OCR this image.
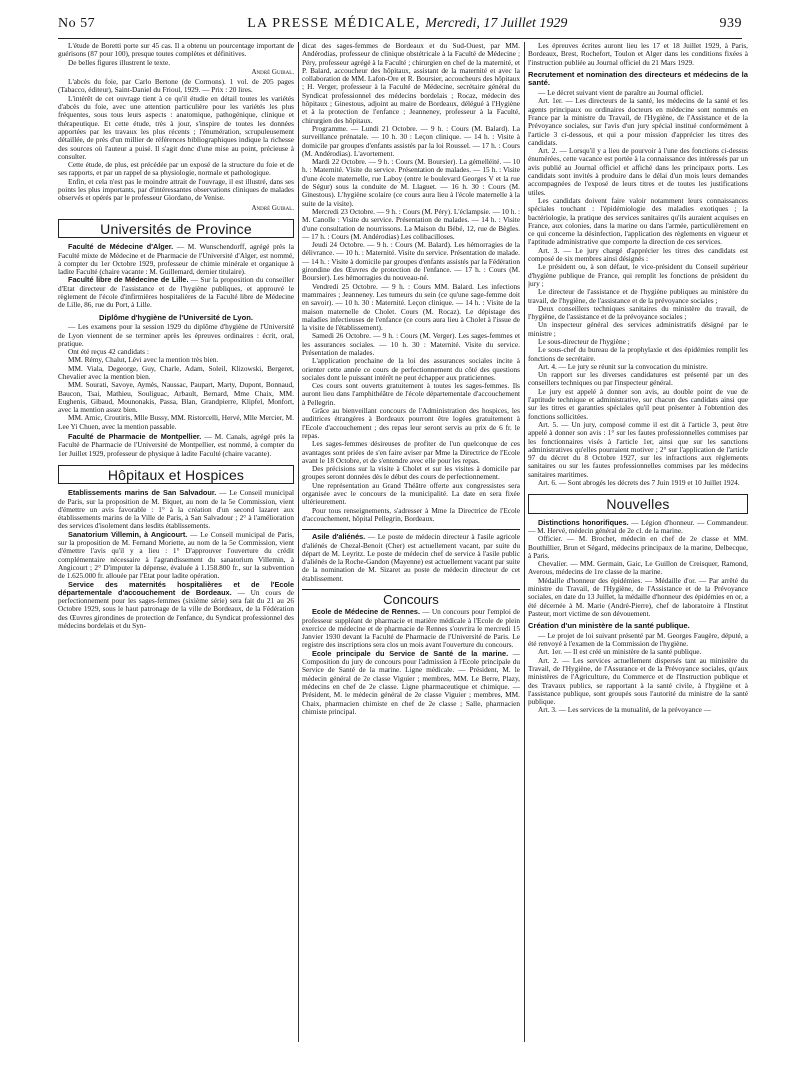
No 57	LA PRESSE MÉDICALE, Mercredi, 17 Juillet 1929	939

L'étude de Boretti porte sur 45 cas. Il a obtenu un pourcentage important de guérisons (87 pour 100), presque toutes complètes et définitives.

De belles figures illustrent le texte.

André Guibal.

L'abcès du foie, par Carlo Bertone (de Cormons). 1 vol. de 205 pages (Tabacco, éditeur), Saint-Daniel du Frioul, 1929. — Prix : 20 lires.

L'intérêt de cet ouvrage tient à ce qu'il étudie en détail toutes les variétés d'abcès du foie, avec une attention particulière pour les variétés les plus fréquentes, sous tous leurs aspects : anatomique, pathogénique, clinique et thérapeutique. Et cette étude, très à jour, s'inspire de toutes les données apportées par les travaux les plus récents ; l'énumération, scrupuleusement détaillée, de près d'un millier de références bibliographiques indique la richesse des sources où l'auteur a puisé. Il s'agit donc d'une mise au point, précieuse à consulter.

Cette étude, de plus, est précédée par un exposé de la structure du foie et de ses rapports, et par un rappel de sa physiologie, normale et pathologique.

Enfin, et cela n'est pas le moindre attrait de l'ouvrage, il est illustré, dans ses points les plus importants, par d'intéressantes observations cliniques de malades observés et opérés par le professeur Giordano, de Venise.

André Guibal.
Universités de Province

Faculté de Médecine d'Alger. — M. Wunschendorff, agrégé près la Faculté mixte de Médecine et de Pharmacie de l'Université d'Alger, est nommé, à compter du 1er Octobre 1929, professeur de chimie minérale et organique à ladite Faculté (chaire vacante : M. Guillemard, dernier titulaire).

Faculté libre de Médecine de Lille. — Sur la proposition du conseiller d'Etat directeur de l'assistance et de l'hygiène publiques, et approuvé le règlement de l'école d'infirmières hospitalières de la Faculté libre de Médecine de Lille, 86, rue du Port, à Lille.

Diplôme d'hygiène de l'Université de Lyon.

— Les examens pour la session 1929 du diplôme d'hygiène de l'Université de Lyon viennent de se terminer après les épreuves ordinaires : écrit, oral, pratique.

Ont été reçus 42 candidats :

MM. Rémy, Chalut, Lévi avec la mention très bien.

MM. Viala, Degeorge, Guy, Charle, Adam, Soleil, Klizowski, Bergeret, Chevalier avec la mention bien.

MM. Sourati, Savoye, Aymès, Naussac, Paupart, Marty, Dupont, Bonnaud, Baucon, Tsai, Mathieu, Souliguac, Arbault, Bernard, Mme Chaix, MM. Eughenis, Gibaud, Mounonakis, Passa, Blan, Grandpierre, Klipfel, Monfort, avec la mention assez bien.

MM. Amic, Croutiris, Mlle Bussy, MM. Ristorcelli, Hervé, Mlle Mercier, M. Lee Yi Chuen, avec la mention passable.

Faculté de Pharmacie de Montpellier. — M. Canals, agrégé près la Faculté de Pharmacie de l'Université de Montpellier, est nommé, à compter du 1er Juillet 1929, professeur de physique à ladite Faculté (chaire vacante).

Hôpitaux et Hospices

Etablissements marins de San Salvadour. — Le Conseil municipal de Paris, sur la proposition de M. Biquet, au nom de la 5e Commission, vient d'émettre un avis favorable : 1° à la création d'un second lazaret aux établissements marins de la Ville de Paris, à San Salvadour ; 2° à l'amélioration des services d'isolement dans lesdits établissements.

Sanatorium Villemin, à Angicourt. — Le Conseil municipal de Paris, sur la proposition de M. Fernand Moriette, au nom de la 5e Commission, vient d'émettre l'avis qu'il y a lieu : 1° D'approuver l'ouverture du crédit complémentaire nécessaire à l'agrandissement du sanatorium Villemin, à Angicourt ; 2° D'imputer la dépense, évaluée à 1.158.800 fr., sur la subvention de 1.625.000 fr. allouée par l'Etat pour ladite opération.

Service des maternités hospitalières et de l'Ecole départementale d'accouchement de Bordeaux. — Un cours de perfectionnement pour les sages-femmes (sixième série) sera fait du 21 au 26 Octobre 1929, sous le haut patronage de la ville de Bordeaux, de la Fédération des Œuvres girondines de protection de l'enfance, du Syndicat professionnel des médecins bordelais et du Syn-

dicat des sages-femmes de Bordeaux et du Sud-Ouest, par MM. Andérodias, professeur de clinique obstétricale à la Faculté de Médecine ; Péry, professeur agrégé à la Faculté ; chirurgien en chef de la maternité, et P. Balard, accoucheur des hôpitaux, assistant de la maternité et avec la collaboration de MM. Lafon-Ore et R. Boursier, accoucheurs des hôpitaux ; H. Verger, professeur à la Faculté de Médecine, secrétaire général du Syndicat professionnel des médecins bordelais ; Rocaz, médecin des hôpitaux ; Ginestous, adjoint au maire de Bordeaux, délégué à l'Hygiène et à la protection de l'enfance ; Jeanneney, professeur à la Faculté, chirurgien des hôpitaux.

Programme. — Lundi 21 Octobre. — 9 h. : Cours (M. Balard). La surveillance prénatale. — 10 h. 30 : Leçon clinique. — 14 h. : Visite à domicile par groupes d'enfants assistés par la loi Roussel. — 17 h. : Cours (M. Andérodias). L'avortement.

Mardi 22 Octobre. — 9 h. : Cours (M. Boursier). La gémelléité. — 10 h. : Maternité. Visite du service. Présentation de malades. — 15 h. : Visite d'une école maternelle, rue Laboy (entre le boulevard Georges V et la rue de Ségur) sous la conduite de M. Llaguet. — 16 h. 30 : Cours (M. Ginestous). L'hygiène scolaire (ce cours aura lieu à l'école maternelle à la suite de la visite).

Mercredi 23 Octobre. — 9 h. : Cours (M. Péry). L'éclampsie. — 10 h. : M. Canolle : Visite du service. Présentation de malades. — 14 h. : Visite d'une consultation de nourrissons. La Maison du Bébé, 12, rue de Bègles. — 17 h. : Cours (M. Andérodias) Les colibacilloses.

Jeudi 24 Octobre. — 9 h. : Cours (M. Balard). Les hémorragies de la délivrance. — 10 h. : Maternité. Visite du service. Présentation de malade. — 14 h. : Visite à domicile par groupes d'enfants assistés par la Fédération girondine des Œuvres de protection de l'enfance. — 17 h. : Cours (M. Boursier). Les hémorragies du nouveau-né.

Vendredi 25 Octobre. — 9 h. : Cours MM. Balard. Les infections mammaires ; Jeanneney. Les tumeurs du sein (ce qu'une sage-femme doit en savoir). — 10 h. 30 : Maternité. Leçon clinique. — 14 h. : Visite de la maison maternelle de Cholet. Cours (M. Rocaz). Le dépistage des maladies infectieuses de l'enfance (ce cours aura lieu à Cholet à l'issue de la visite de l'établissement).

Samedi 26 Octobre. — 9 h. : Cours (M. Verger). Les sages-femmes et les assurances sociales. — 10 h. 30 : Maternité. Visite du service. Présentation de malades.

L'application prochaine de la loi des assurances sociales incite à orienter cette année ce cours de perfectionnement du côté des questions sociales dont le puissant intérêt ne peut échapper aux praticiennes.

Ces cours sont ouverts gratuitement à toutes les sages-femmes. Ils auront lieu dans l'amphithéâtre de l'école départementale d'accouchement à Pellegrin.

Grâce au bienveillant concours de l'Administration des hospices, les auditrices étrangères à Bordeaux pourront être logées gratuitement à l'Ecole d'accouchement ; des repas leur seront servis au prix de 6 fr. le repas.

Les sages-femmes désireuses de profiter de l'un quelconque de ces avantages sont priées de s'en faire aviser par Mme la Directrice de l'Ecole avant le 18 Octobre, et de s'entendre avec elle pour les repas.

Des précisions sur la visite à Cholet et sur les visites à domicile par groupes seront données dès le début des cours de perfectionnement.

Une représentation au Grand Théâtre offerte aux congressistes sera organisée avec le concours de la municipalité. La date en sera fixée ultérieurement.

Pour tous renseignements, s'adresser à Mme la Directrice de l'Ecole d'accouchement, hôpital Pellegrin, Bordeaux.

Asile d'aliénés. — Le poste de médecin directeur à l'asile agricole d'aliénés de Chezal-Benoit (Cher) est actuellement vacant, par suite du départ de M. Leyritz. Le poste de médecin chef de service à l'asile public d'aliénés de la Roche-Gandon (Mayenne) est actuellement vacant par suite de la nomination de M. Sizaret au poste de médecin directeur de cet établissement.

Concours

Ecole de Médecine de Rennes. — Un concours pour l'emploi de professeur suppléant de pharmacie et matière médicale à l'Ecole de plein exercice de médecine et de pharmacie de Rennes s'ouvrira le mercredi 15 Janvier 1930 devant la Faculté de Pharmacie de l'Université de Paris. Le registre des inscriptions sera clos un mois avant l'ouverture du concours.

Ecole principale du Service de Santé de la marine. — Composition du jury de concours pour l'admission à l'Ecole principale du Service de Santé de la marine. Ligne médicale. — Président, M. le médecin général de 2e classe Viguier ; membres, MM. Le Berre, Plazy, médecins en chef de 2e classe. Ligne pharmaceutique et chimique. — Président, M. le médecin général de 2e classe Viguier ; membres, MM. Chaix, pharmacien chimiste en chef de 2e classe ; Salle, pharmacien chimiste principal.

Les épreuves écrites auront lieu les 17 et 18 Juillet 1929, à Paris, Bordeaux, Brest, Rochefort, Toulon et Alger dans les conditions fixées à l'instruction publiée au Journal officiel du 21 Mars 1929.

Recrutement et nomination des directeurs et médecins de la santé.

— Le décret suivant vient de paraître au Journal officiel.

Art. 1er. — Les directeurs de la santé, les médecins de la santé et les agents principaux ou ordinaires docteurs en médecine sont nommés en France par la ministre du Travail, de l'Hygiène, de l'Assistance et de la Prévoyance sociales, sur l'avis d'un jury spécial institué conformément à l'article 3 ci-dessous, et qui a pour mission d'apprécier les titres des candidats.

Art. 2. — Lorsqu'il y a lieu de pourvoir à l'une des fonctions ci-dessus énumérées, cette vacance est portée à la connaissance des intéressés par un avis publié au Journal officiel et affiché dans les principaux ports. Les candidats sont invités à produire dans le délai d'un mois leurs demandes accompagnées de l'exposé de leurs titres et de toutes les justifications utiles.

Les candidats doivent faire valoir notamment leurs connaissances spéciales touchant : l'épidémiologie des maladies exotiques ; la bactériologie, la pratique des services sanitaires qu'ils auraient acquises en France, aux colonies, dans la marine ou dans l'armée, particulièrement en ce qui concerne la désinfection, l'application des règlements en vigueur et l'aptitude administrative que comporte la direction de ces services.

Art. 3. — Le jury chargé d'apprécier les titres des candidats est composé de six membres ainsi désignés :

Le président ou, à son défaut, le vice-président du Conseil supérieur d'hygiène publique de France, qui remplit les fonctions de président du jury ;

Le directeur de l'assistance et de l'hygiène publiques au ministère du travail, de l'hygiène, de l'assistance et de la prévoyance sociales ;

Deux conseillers techniques sanitaires du ministère du travail, de l'hygiène, de l'assistance et de la prévoyance sociales ;

Un inspecteur général des services administratifs désigné par le ministre ;

Le sous-directeur de l'hygiène ;

Le sous-chef du bureau de la prophylaxie et des épidémies remplit les fonctions de secrétaire.

Art. 4. — Le jury se réunit sur la convocation du ministre.

Un rapport sur les diverses candidatures est présenté par un des conseillers techniques ou par l'inspecteur général.

Le jury est appelé à donner son avis, au double point de vue de l'aptitude technique et administrative, sur chacun des candidats ainsi que sur les titres et garanties spéciales qu'il peut présenter à l'obtention des fonctions sollicitées.

Art. 5. — Un jury, composé comme il est dit à l'article 3, peut être appelé à donner son avis : 1° sur les fautes professionnelles commises par les fonctionnaires visés à l'article 1er, ainsi que sur les sanctions administratives qu'elles pourraient motiver ; 2° sur l'application de l'article 97 du décret du 8 Octobre 1927, sur les infractions aux règlements sanitaires ou sur les fautes professionnelles commises par les médecins sanitaires maritimes.

Art. 6. — Sont abrogés les décrets des 7 Juin 1919 et 10 Juillet 1924.

Nouvelles

Distinctions honorifiques. — Légion d'honneur. — Commandeur. — M. Hervé, médecin général de 2e cl. de la marine.

Officier. — M. Brochet, médecin en chef de 2e classe et MM. Bouthillier, Brun et Ségard, médecins principaux de la marine, Delbecque, à Paris.

Chevalier. — MM. Germain, Gaic, Le Guillon de Creisquer, Ramond, Averous, médecins de 1re classe de la marine.

Médaille d'honneur des épidémies. — Médaille d'or. — Par arrêté du ministre du Travail, de l'Hygiène, de l'Assistance et de la Prévoyance sociales, en date du 13 Juillet, la médaille d'honneur des épidémies en or, a été décernée à M. Marie (André-Pierre), chef de laboratoire à l'Institut Pasteur, mort victime de son dévouement.

Création d'un ministère de la santé publique.

— Le projet de loi suivant présenté par M. Georges Faugère, député, a été renvoyé à l'examen de la Commission de l'hygiène.

Art. 1er. — Il est créé un ministère de la santé publique.

Art. 2. — Les services actuellement dispersés tant au ministère du Travail, de l'Hygiène, de l'Assurance et de la Prévoyance sociales, qu'aux ministères de l'Agriculture, du Commerce et de l'Instruction publique et des Travaux publics, se rapportant à la santé civile, à l'hygiène et à l'assistance publique, sont groupés sous l'autorité du ministre de la santé publique.

Art. 3. — Les services de la mutualité, de la prévoyance —
